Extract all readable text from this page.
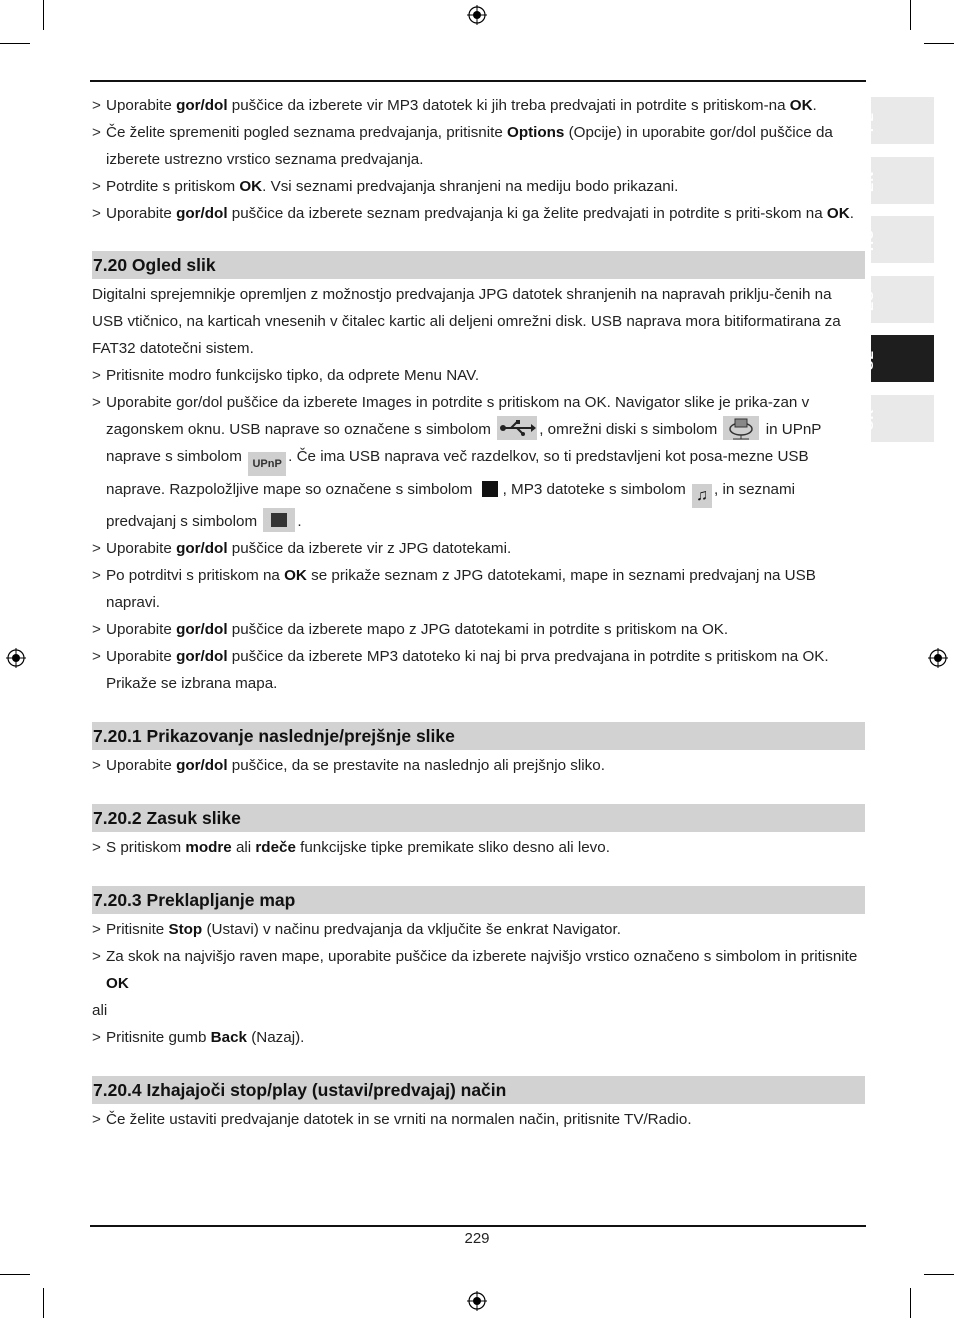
PL
EN
HU
ES
SL
SR

> Uporabite gor/dol puščice da izberete vir MP3 datotek ki jih treba predvajati in potrdite s pritiskom-na OK.

> Če želite spremeniti pogled seznama predvajanja, pritisnite Options (Opcije) in uporabite gor/dol puščice da izberete ustrezno vrstico seznama predvajanja.

> Potrdite s pritiskom OK. Vsi seznami predvajanja shranjeni na mediju bodo prikazani.

> Uporabite gor/dol puščice da izberete seznam predvajanja ki ga želite predvajati in potrdite s priti-skom na OK.

7.20 Ogled slik

Digitalni sprejemnikje opremljen z možnostjo predvajanja JPG datotek shranjenih na napravah priklju-čenih na USB vtičnico, na karticah vnesenih v čitalec kartic ali deljeni omrežni disk. USB naprava mora bitiformatirana za FAT32 datotečni sistem.

> Pritisnite modro funkcijsko tipko, da odprete Menu NAV.

> Uporabite gor/dol puščice da izberete Images in potrdite s pritiskom na OK. Navigator slike je prika-zan v zagonskem oknu. USB naprave so označene s simbolom	, omrežni diski s simbolom	in UPnP naprave s simbolom UPnP . Če ima USB naprava več razdelkov, so ti predstavljeni kot posa-mezne USB naprave. Razpoložljive mape so označene s simbolom , MP3 datoteke s simbolom ♫ , in seznami predvajanj s simbolom .

> Uporabite gor/dol puščice da izberete vir z JPG datotekami.

> Po potrditvi s pritiskom na OK se prikaže seznam z JPG datotekami, mape in seznami predvajanj na USB napravi.

> Uporabite gor/dol puščice da izberete mapo z JPG datotekami in potrdite s pritiskom na OK.

> Uporabite gor/dol puščice da izberete MP3 datoteko ki naj bi prva predvajana in potrdite s pritiskom na OK. Prikaže se izbrana mapa.

7.20.1 Prikazovanje naslednje/prejšnje slike

> Uporabite gor/dol puščice, da se prestavite na naslednjo ali prejšnjo sliko.

7.20.2 Zasuk slike

> S pritiskom modre ali rdeče funkcijske tipke premikate sliko desno ali levo.

7.20.3 Preklapljanje map

> Pritisnite Stop (Ustavi) v načinu predvajanja da vključite še enkrat Navigator.

> Za skok na najvišjo raven mape, uporabite puščice da izberete najvišjo vrstico označeno s simbolom in pritisnite OK

ali

> Pritisnite gumb Back (Nazaj).

7.20.4 Izhajajoči stop/play (ustavi/predvajaj) način

> Če želite ustaviti predvajanje datotek in se vrniti na normalen način, pritisnite TV/Radio.

229
